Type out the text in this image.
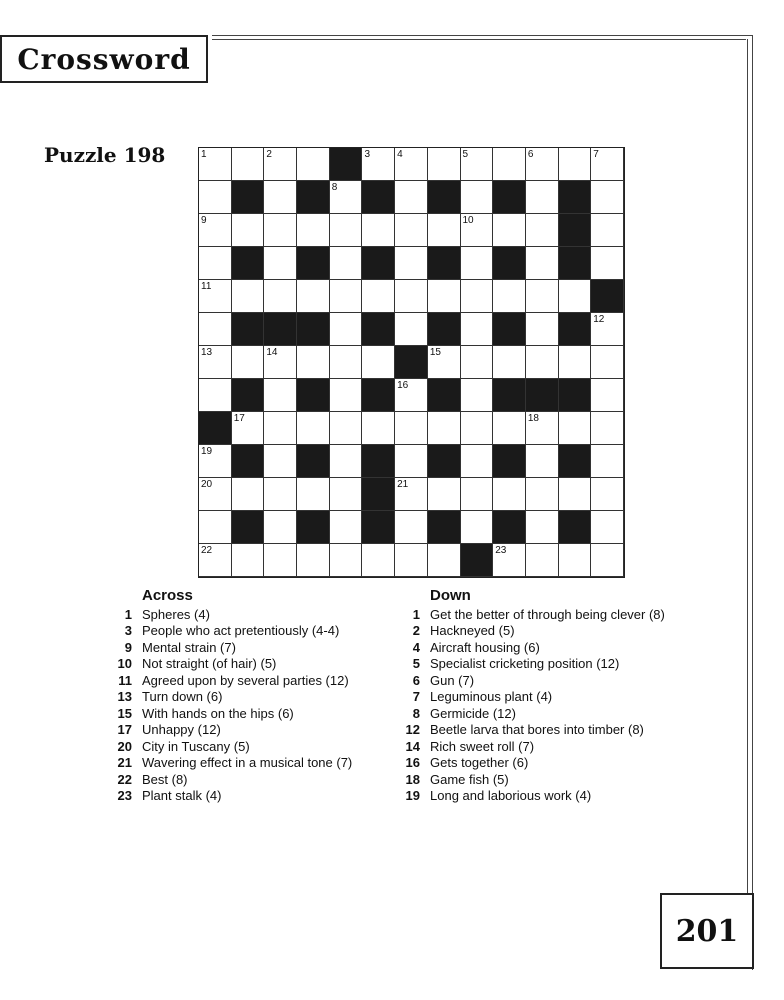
Crossword
Puzzle 198	1	2	3	4	5	6	7
8
9	10
11
12
13	14	15
16
17	18
19
20	21
22	23
Across
1 Spheres (4)
3 People who act pretentiously (4-4)
9 Mental strain (7)
10 Not straight (of hair) (5)
11 Agreed upon by several parties (12)
13 Turn down (6)
15 With hands on the hips (6)
17 Unhappy (12)
20 City in Tuscany (5)
21 Wavering effect in a musical tone (7)
22 Best (8)
23 Plant stalk (4)
Down
1 Get the better of through being clever (8)
2 Hackneyed (5)
4 Aircraft housing (6)
5 Specialist cricketing position (12)
6 Gun (7)
7 Leguminous plant (4)
8 Germicide (12)
12 Beetle larva that bores into timber (8)
14 Rich sweet roll (7)
16 Gets together (6)
18 Game fish (5)
19 Long and laborious work (4)
201
